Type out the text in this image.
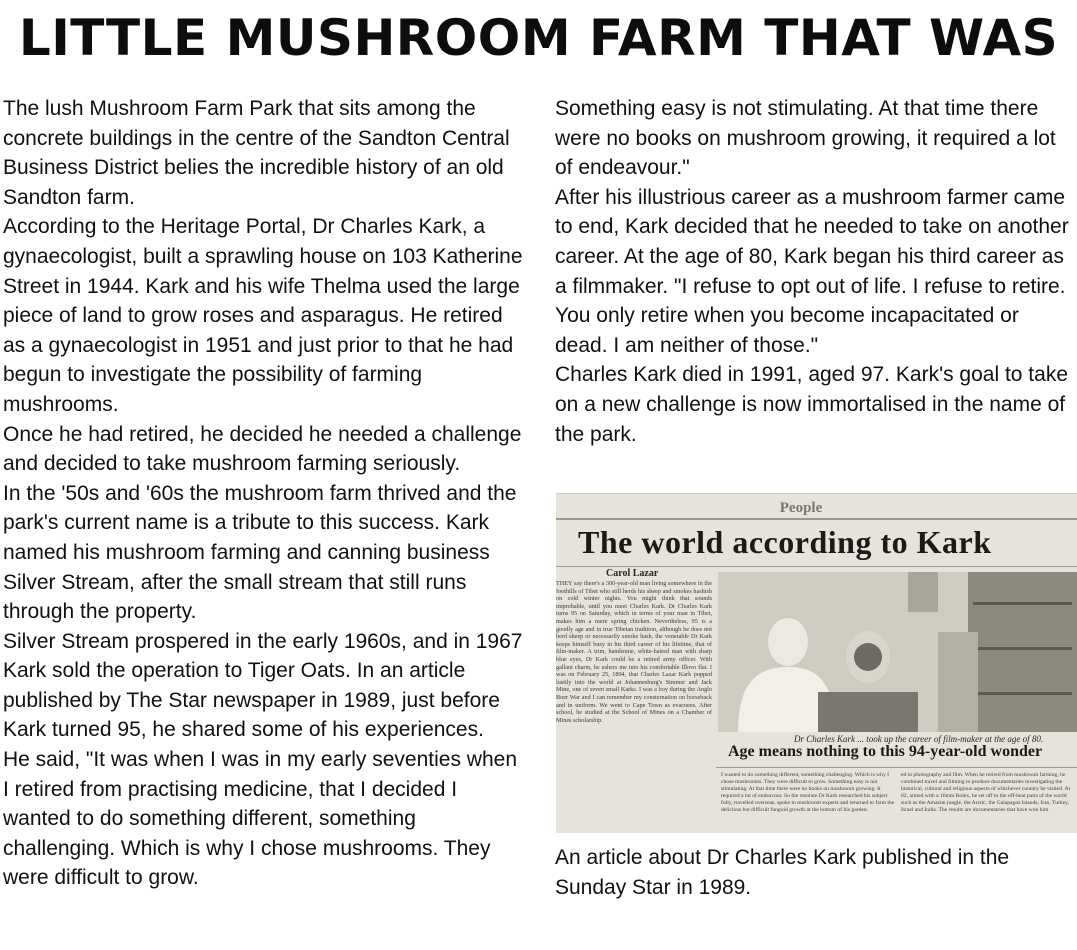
LITTLE MUSHROOM FARM THAT WAS

The lush Mushroom Farm Park that sits among the concrete buildings in the centre of the Sandton Central Business District belies the incredible history of an old Sandton farm.

According to the Heritage Portal, Dr Charles Kark, a gynaecologist, built a sprawling house on 103 Katherine Street in 1944. Kark and his wife Thelma used the large piece of land to grow roses and asparagus. He retired as a gynaecologist in 1951 and just prior to that he had begun to investigate the possibility of farming mushrooms.

Once he had retired, he decided he needed a challenge and decided to take mushroom farming seriously.

In the '50s and '60s the mushroom farm thrived and the park's current name is a tribute to this success. Kark named his mushroom farming and canning business Silver Stream, after the small stream that still runs through the property.

Silver Stream prospered in the early 1960s, and in 1967 Kark sold the operation to Tiger Oats. In an article published by The Star newspaper in 1989, just before Kark turned 95, he shared some of his experiences.

He said, "It was when I was in my early seventies when I retired from practising medicine, that I decided I wanted to do something different, something challenging. Which is why I chose mushrooms. They were difficult to grow.

Something easy is not stimulating. At that time there were no books on mushroom growing, it required a lot of endeavour."

After his illustrious career as a mushroom farmer came to end, Kark decided that he needed to take on another career. At the age of 80, Kark began his third career as a filmmaker. "I refuse to opt out of life. I refuse to retire. You only retire when you become incapacitated or dead. I am neither of those."

Charles Kark died in 1991, aged 97. Kark's goal to take on a new challenge is now immortalised in the name of the park.

People
The world according to Kark
Carol Lazar
THEY say there's a 300-year-old man living somewhere in the foothills of Tibet who still herds his sheep and smokes hashish on cold winter nights. You might think that sounds improbable, until you meet Charles Kark. Dr Charles Kark turns 95 on Saturday, which in terms of your man in Tibet, makes him a mere spring chicken. Nevertheless, 95 is a goodly age and in true Tibetan tradition, although he does not herd sheep or necessarily smoke hash, the venerable Dr Kark keeps himself busy in his third career of his lifetime, that of film-maker. A trim, handsome, white-haired man with sharp blue eyes, Dr Kark could be a retired army officer. With gallant charm, he ushers me into his comfortable Illovo flat. I was on February 25, 1894, that Charles Lazar Kark popped lustily into the world at Johannesburg's Simmer and Jack Mine, one of seven small Karks. I was a boy during the Anglo Boer War and I can remember my consternation on horseback and in uniform. We went to Cape Town as evacuees. After school, he studied at the School of Mines on a Chamber of Mines scholarship.
Dr Charles Kark ... took up the career of film-maker at the age of 80.
Age means nothing to this 94-year-old wonder
I wanted to do something different, something challenging. Which is why I chose mushrooms. They were difficult to grow. Something easy is not stimulating. At that time there were no books on mushroom growing. It required a lot of endeavour. So the resolute Dr Kark researched his subject fully, travelled overseas, spoke to mushroom experts and returned to farm the delicious but difficult fungoid growth at the bottom of his garden.
ed in photography and film. When he retired from mushroom farming, he combined travel and filming to produce documentaries investigating the historical, cultural and religious aspects of whichever country he visited. At 82, armed with a 16mm Bolex, he set off to the off-beat parts of the world such as the Amazon jungle, the Arctic, the Galapagos Islands, Iran, Turkey, Israel and India. The results are documentaries that have won him
An article about Dr Charles Kark published in the Sunday Star in 1989.
